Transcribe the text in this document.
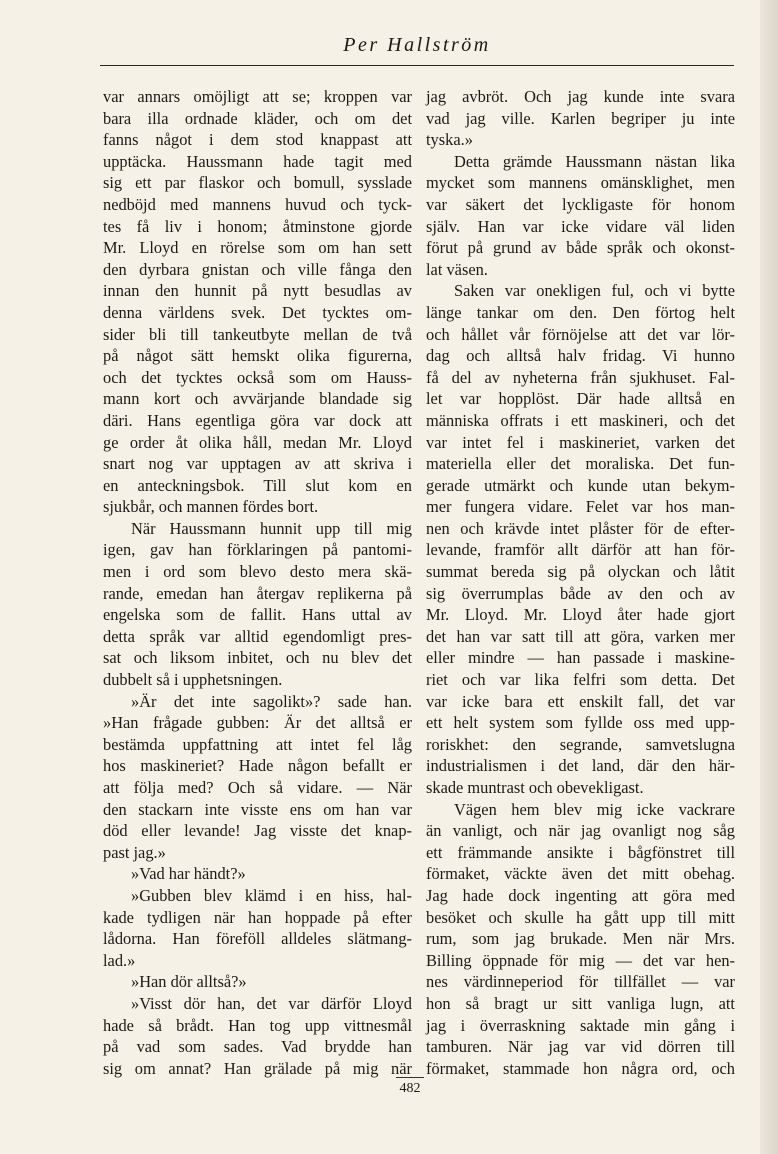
Per Hallström

var annars omöjligt att se; kroppen var
bara illa ordnade kläder, och om det
fanns något i dem stod knappast att
upptäcka. Haussmann hade tagit med
sig ett par flaskor och bomull, sysslade
nedböjd med mannens huvud och tyck-
tes få liv i honom; åtminstone gjorde
Mr. Lloyd en rörelse som om han sett
den dyrbara gnistan och ville fånga den
innan den hunnit på nytt besudlas av
denna världens svek. Det tycktes om-
sider bli till tankeutbyte mellan de två
på något sätt hemskt olika figurerna,
och det tycktes också som om Hauss-
mann kort och avvärjande blandade sig
däri. Hans egentliga göra var dock att
ge order åt olika håll, medan Mr. Lloyd
snart nog var upptagen av att skriva i
en anteckningsbok. Till slut kom en
sjukbår, och mannen fördes bort.

När Haussmann hunnit upp till mig
igen, gav han förklaringen på pantomi-
men i ord som blevo desto mera skä-
rande, emedan han återgav replikerna på
engelska som de fallit. Hans uttal av
detta språk var alltid egendomligt pres-
sat och liksom inbitet, och nu blev det
dubbelt så i upphetsningen.

»Är det inte sagolikt»? sade han.
»Han frågade gubben: Är det alltså er
bestämda uppfattning att intet fel låg
hos maskineriet? Hade någon befallt er
att följa med? Och så vidare. — När
den stackarn inte visste ens om han var
död eller levande! Jag visste det knap-
past jag.»

»Vad har händt?»

»Gubben blev klämd i en hiss, hal-
kade tydligen när han hoppade på efter
lådorna. Han föreföll alldeles slätmang-
lad.»

»Han dör alltså?»

»Visst dör han, det var därför Lloyd
hade så brådt. Han tog upp vittnesmål
på vad som sades. Vad brydde han
sig om annat? Han grälade på mig när

jag avbröt. Och jag kunde inte svara
vad jag ville. Karlen begriper ju inte
tyska.»

Detta grämde Haussmann nästan lika
mycket som mannens omänsklighet, men
var säkert det lyckligaste för honom
själv. Han var icke vidare väl liden
förut på grund av både språk och okonst-
lat väsen.

Saken var onekligen ful, och vi bytte
länge tankar om den. Den förtog helt
och hållet vår förnöjelse att det var lör-
dag och alltså halv fridag. Vi hunno
få del av nyheterna från sjukhuset. Fal-
let var hopplöst. Där hade alltså en
människa offrats i ett maskineri, och det
var intet fel i maskineriet, varken det
materiella eller det moraliska. Det fun-
gerade utmärkt och kunde utan bekym-
mer fungera vidare. Felet var hos man-
nen och krävde intet plåster för de efter-
levande, framför allt därför att han för-
summat bereda sig på olyckan och låtit
sig överrumplas både av den och av
Mr. Lloyd. Mr. Lloyd åter hade gjort
det han var satt till att göra, varken mer
eller mindre — han passade i maskine-
riet och var lika felfri som detta. Det
var icke bara ett enskilt fall, det var
ett helt system som fyllde oss med upp-
roriskhet: den segrande, samvetslugna
industrialismen i det land, där den här-
skade muntrast och obevekligast.

Vägen hem blev mig icke vackrare
än vanligt, och när jag ovanligt nog såg
ett främmande ansikte i bågfönstret till
förmaket, väckte även det mitt obehag.
Jag hade dock ingenting att göra med
besöket och skulle ha gått upp till mitt
rum, som jag brukade. Men när Mrs.
Billing öppnade för mig — det var hen-
nes värdinneperiod för tillfället — var
hon så bragt ur sitt vanliga lugn, att
jag i överraskning saktade min gång i
tamburen. När jag var vid dörren till
förmaket, stammade hon några ord, och

482
